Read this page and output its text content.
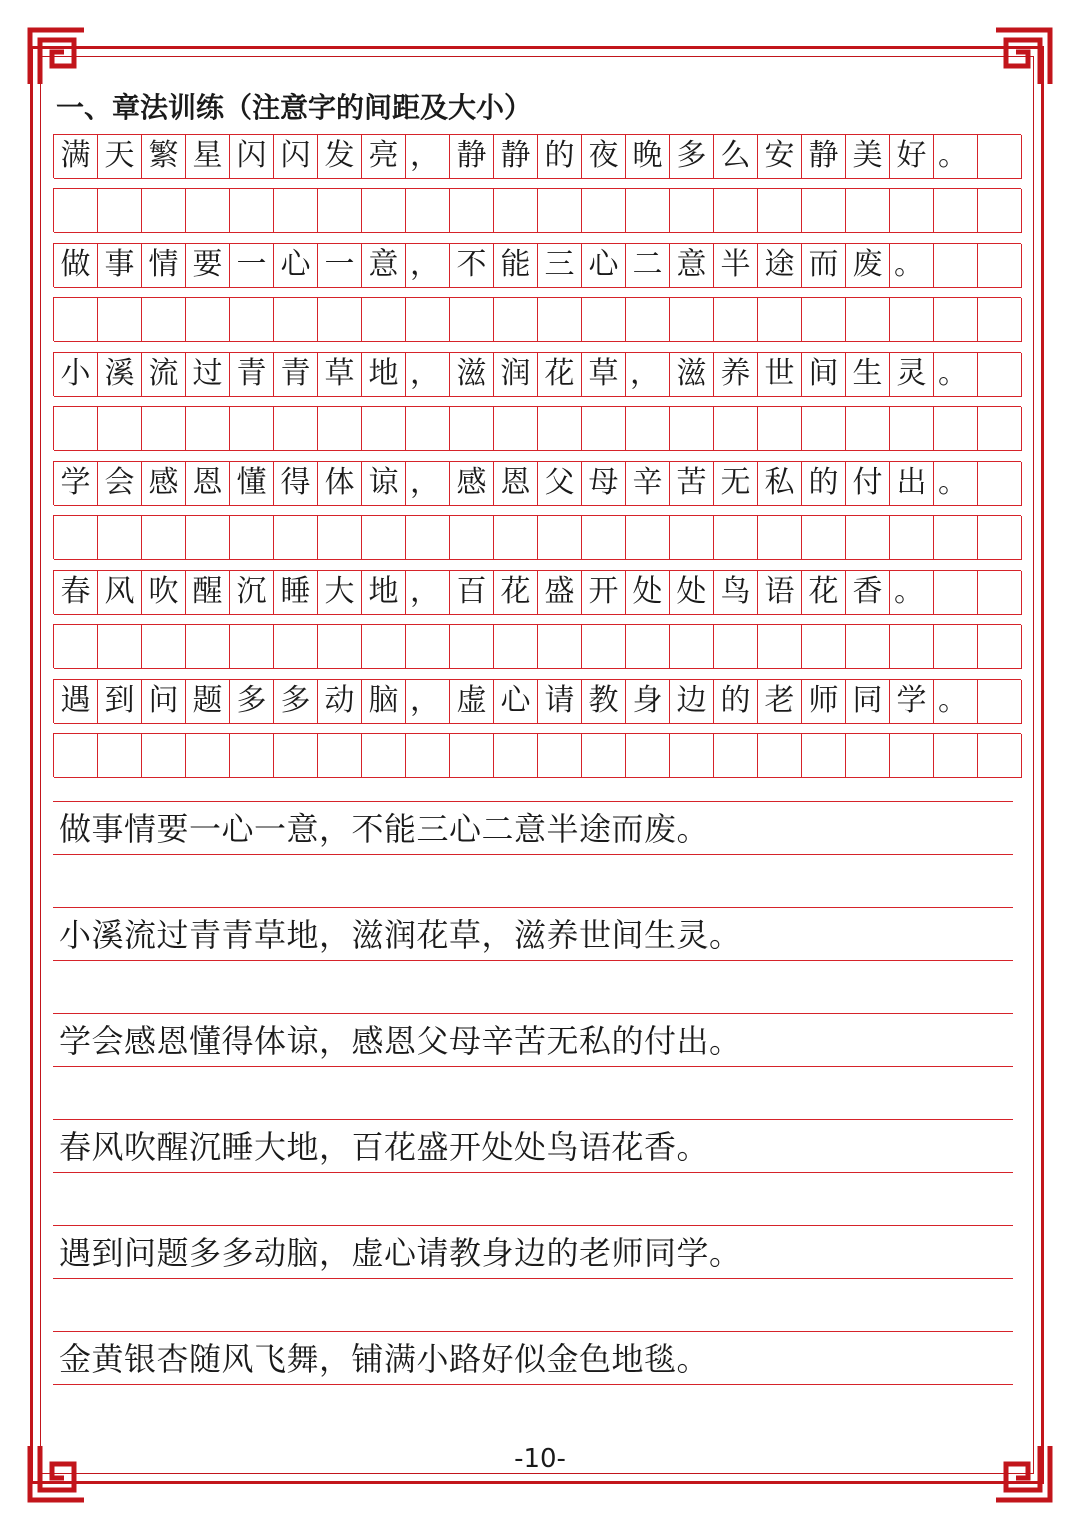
一、章法训练（注意字的间距及大小）
满 天 繁 星 闪 闪 发 亮 ， 静 静 的 夜 晚 多 么 安 静 美 好 。
做 事 情 要 一 心 一 意 ， 不 能 三 心 二 意 半 途 而 废 。
小 溪 流 过 青 青 草 地 ， 滋 润 花 草 ， 滋 养 世 间 生 灵 。
学 会 感 恩 懂 得 体 谅 ， 感 恩 父 母 辛 苦 无 私 的 付 出 。
春 风 吹 醒 沉 睡 大 地 ， 百 花 盛 开 处 处 鸟 语 花 香 。
遇 到 问 题 多 多 动 脑 ， 虚 心 请 教 身 边 的 老 师 同 学 。
做事情要一心一意，不能三心二意半途而废。
小溪流过青青草地，滋润花草，滋养世间生灵。
学会感恩懂得体谅，感恩父母辛苦无私的付出。
春风吹醒沉睡大地，百花盛开处处鸟语花香。
遇到问题多多动脑，虚心请教身边的老师同学。
金黄银杏随风飞舞，铺满小路好似金色地毯。
-10-
